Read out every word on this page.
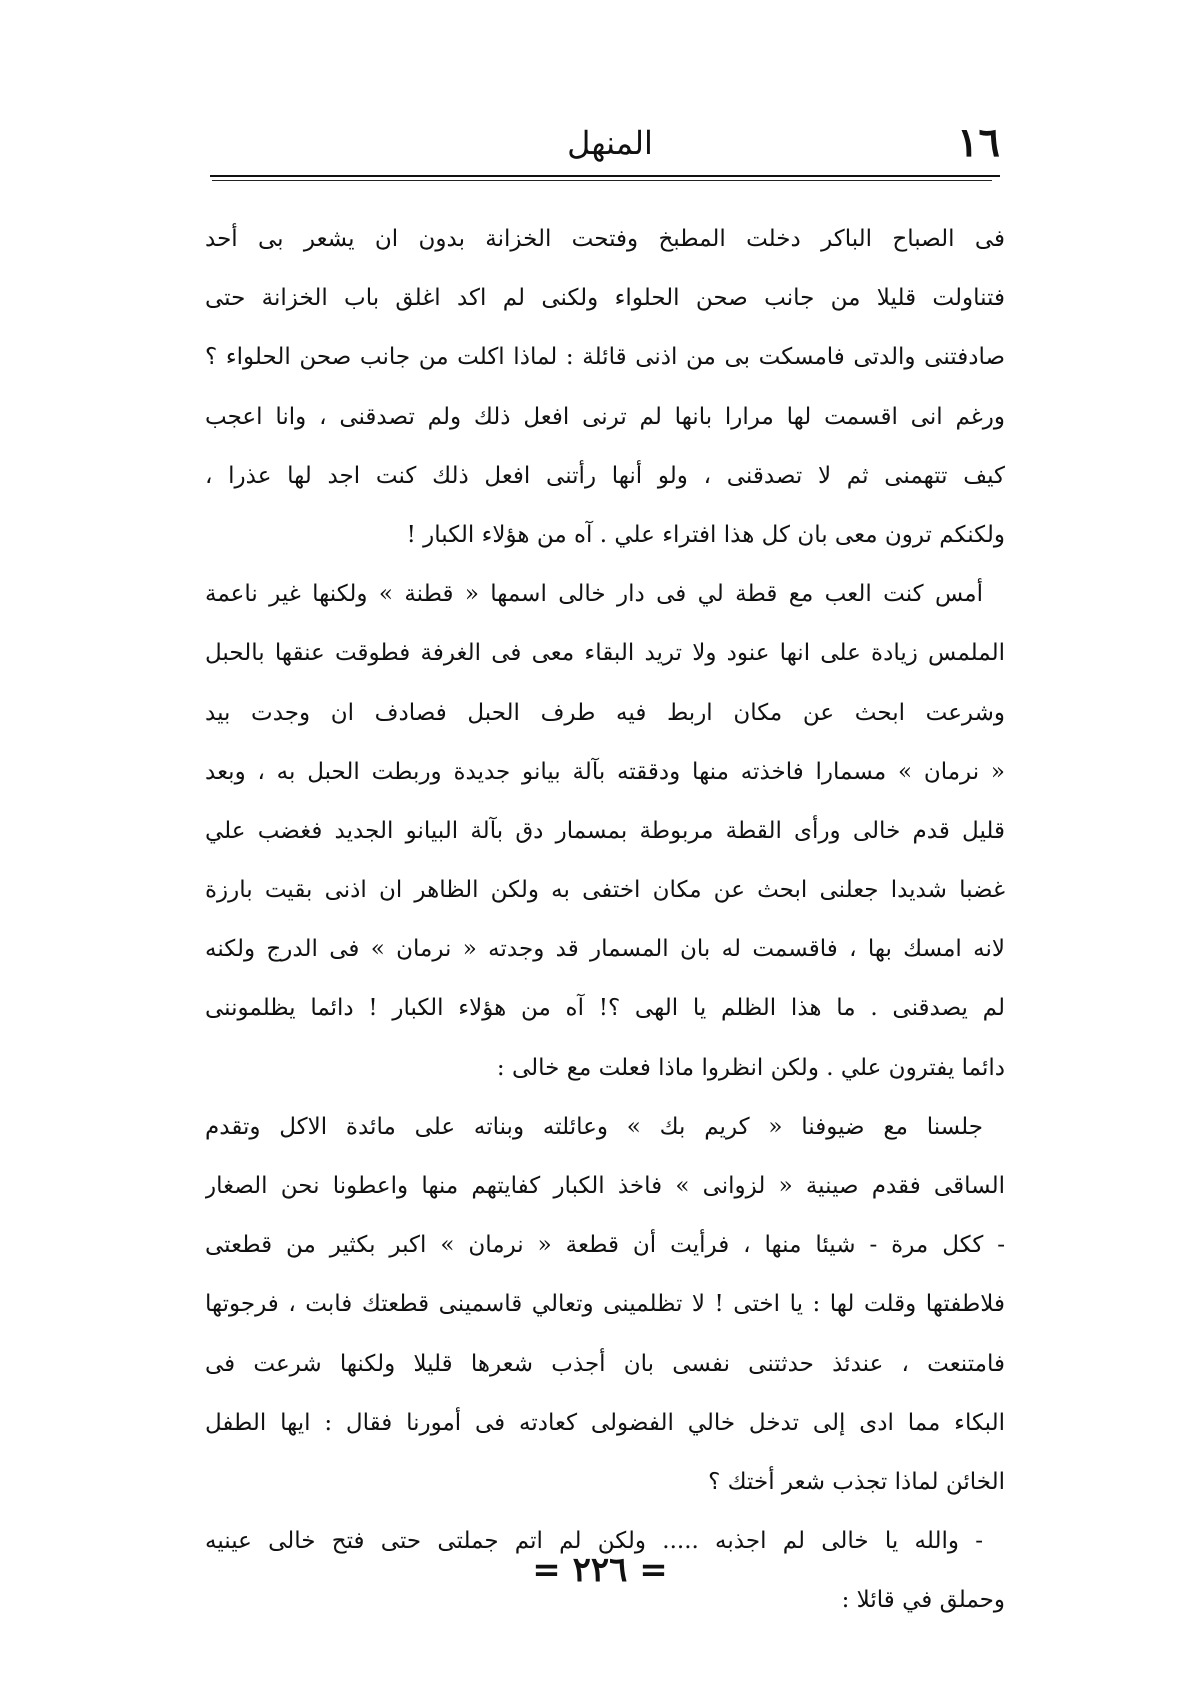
١٦
المنهل
فى الصباح الباكر دخلت المطبخ وفتحت الخزانة بدون ان يشعر بى أحد
فتناولت قليلا من جانب صحن الحلواء ولكنى لم اكد اغلق باب الخزانة حتى
صادفتنى والدتى فامسكت بى من اذنى قائلة : لماذا اكلت من جانب صحن الحلواء ؟
ورغم انى اقسمت لها مرارا بانها لم ترنى افعل ذلك ولم تصدقنى ، وانا اعجب
كيف تتهمنى ثم لا تصدقنى ، ولو أنها رأتنى افعل ذلك كنت اجد لها عذرا ،
ولكنكم ترون معى بان كل هذا افتراء علي . آه من هؤلاء الكبار !
أمس كنت العب مع قطة لي فى دار خالى اسمها « قطنة » ولكنها غير ناعمة
الملمس زيادة على انها عنود ولا تريد البقاء معى فى الغرفة فطوقت عنقها بالحبل
وشرعت ابحث عن مكان اربط فيه طرف الحبل فصادف ان وجدت بيد
« نرمان » مسمارا فاخذته منها ودققته بآلة بيانو جديدة وربطت الحبل به ، وبعد
قليل قدم خالى ورأى القطة مربوطة بمسمار دق بآلة البيانو الجديد فغضب علي
غضبا شديدا جعلنى ابحث عن مكان اختفى به ولكن الظاهر ان اذنى بقيت بارزة
لانه امسك بها ، فاقسمت له بان المسمار قد وجدته « نرمان » فى الدرج ولكنه
لم يصدقنى . ما هذا الظلم يا الهى ؟! آه من هؤلاء الكبار ! دائما يظلموننى
دائما يفترون علي . ولكن انظروا ماذا فعلت مع خالى :
جلسنا مع ضيوفنا « كريم بك » وعائلته وبناته على مائدة الاكل وتقدم
الساقى فقدم صينية « لزوانى » فاخذ الكبار كفايتهم منها واعطونا نحن الصغار
- ككل مرة - شيئا منها ، فرأيت أن قطعة « نرمان » اكبر بكثير من قطعتى
فلاطفتها وقلت لها : يا اختى ! لا تظلمينى وتعالي قاسمينى قطعتك فابت ، فرجوتها
فامتنعت ، عندئذ حدثتنى نفسى بان أجذب شعرها قليلا ولكنها شرعت فى
البكاء مما ادى إلى تدخل خالي الفضولى كعادته فى أمورنا فقال : ايها الطفل
الخائن لماذا تجذب شعر أختك ؟
- والله يا خالى لم اجذبه ..... ولكن لم اتم جملتى حتى فتح خالى عينيه
وحملق في قائلا :
= ٢٢٦ =
